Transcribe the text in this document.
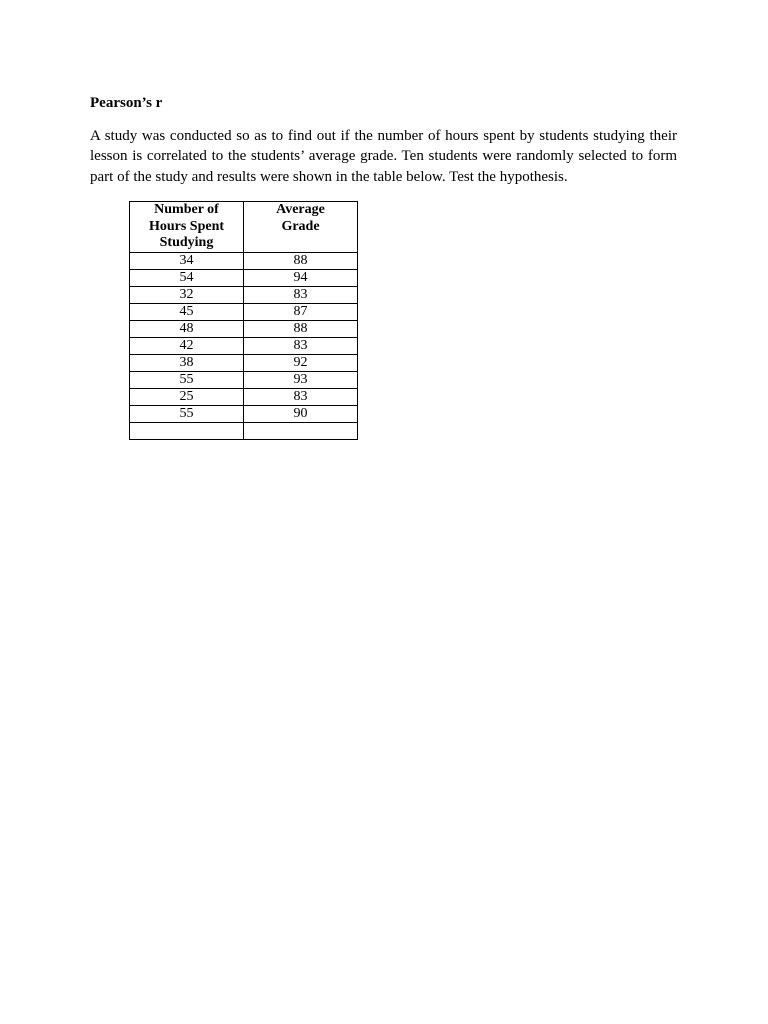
Pearson’s r

A study was conducted so as to find out if the number of hours spent by students studying their lesson is correlated to the students’ average grade. Ten students were randomly selected to form part of the study and results were shown in the table below. Test the hypothesis.

Number of Hours Spent Studying	Average Grade

34	88
54	94
32	83
45	87
48	88
42	83
38	92
55	93
25	83
55	90
